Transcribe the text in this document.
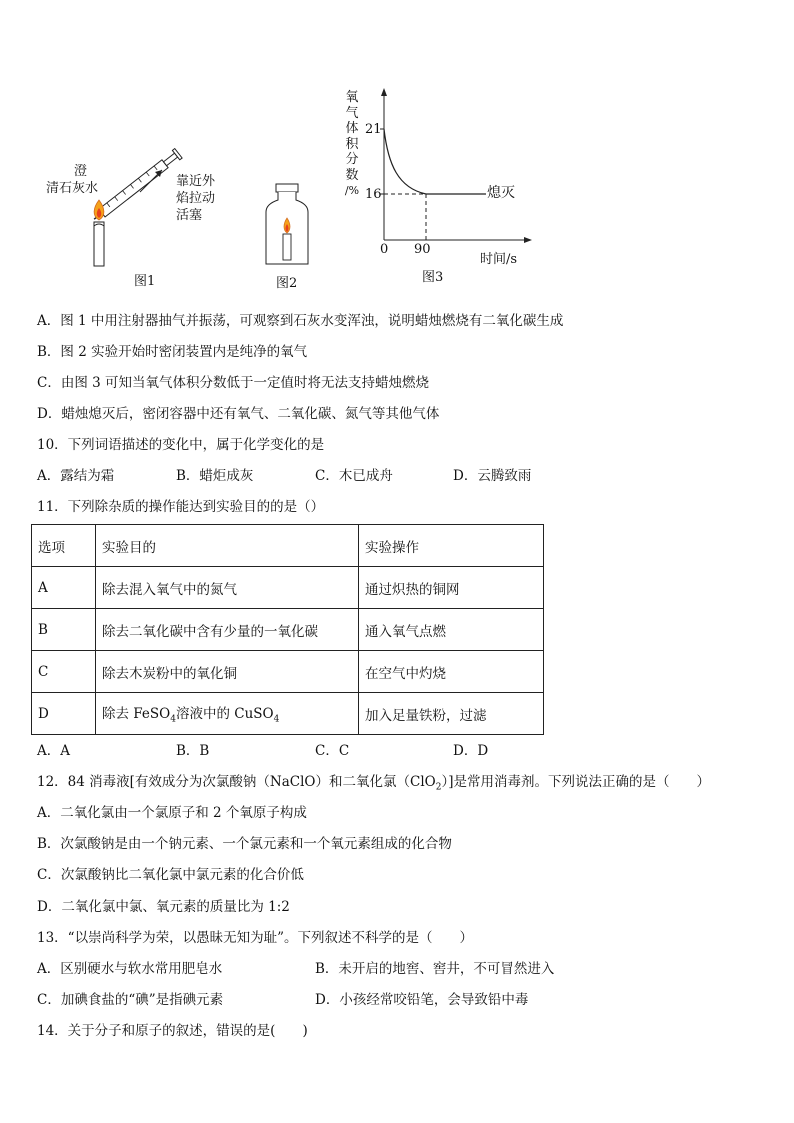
澄
清石灰水	靠近外
焰拉动
活塞
图1	图2
氧
气
体
积
分
数
/%
21
16
0 90
熄灭
时间/s
图3
A．图 1 中用注射器抽气并振荡，可观察到石灰水变浑浊，说明蜡烛燃烧有二氧化碳生成
B．图 2 实验开始时密闭装置内是纯净的氧气
C．由图 3 可知当氧气体积分数低于一定值时将无法支持蜡烛燃烧
D．蜡烛熄灭后，密闭容器中还有氧气、二氧化碳、氮气等其他气体
10．下列词语描述的变化中，属于化学变化的是
A．露结为霜	B．蜡炬成灰	C．木已成舟	D．云腾致雨
11．下列除杂质的操作能达到实验目的的是（）
选项	实验目的	实验操作
A	除去混入氧气中的氮气	通过炽热的铜网
B	除去二氧化碳中含有少量的一氧化碳	通入氧气点燃
C	除去木炭粉中的氧化铜	在空气中灼烧
D	除去 FeSO$_4$溶液中的 CuSO$_4$	加入足量铁粉，过滤
A．A	B．B	C．C	D．D
12．84 消毒液[有效成分为次氯酸钠（NaClO）和二氧化氯（ClO$_2$）]是常用消毒剂。下列说法正确的是（　　）
A．二氧化氯由一个氯原子和 2 个氧原子构成
B．次氯酸钠是由一个钠元素、一个氯元素和一个氧元素组成的化合物
C．次氯酸钠比二氧化氯中氯元素的化合价低
D．二氧化氯中氯、氧元素的质量比为 1:2
13．“以崇尚科学为荣，以愚昧无知为耻”。下列叙述不科学的是（　　）
A．区别硬水与软水常用肥皂水	B．未开启的地窖、窖井，不可冒然进入
C．加碘食盐的“碘”是指碘元素	D．小孩经常咬铅笔，会导致铅中毒
14．关于分子和原子的叙述，错误的是(　　)
